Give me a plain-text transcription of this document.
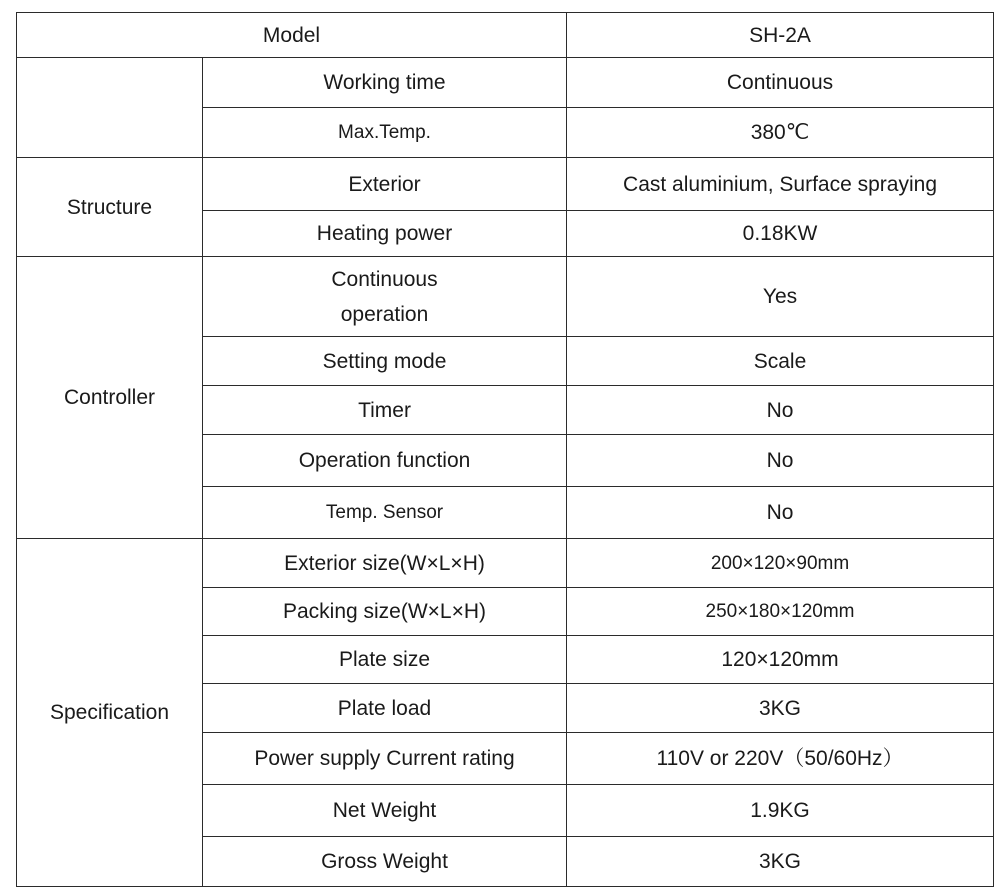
Model		SH-2A
	Working time	Continuous
	Max.Temp.	380℃
Structure	Exterior	Cast aluminium, Surface spraying
	Heating power	0.18KW
Controller	Continuous operation	Yes
	Setting mode	Scale
	Timer	No
	Operation function	No
	Temp. Sensor	No
Specification	Exterior size(W×L×H)	200×120×90mm
	Packing size(W×L×H)	250×180×120mm
	Plate size	120×120mm
	Plate load	3KG
	Power supply Current rating	110V or 220V（50/60Hz）
	Net Weight	1.9KG
	Gross Weight	3KG
